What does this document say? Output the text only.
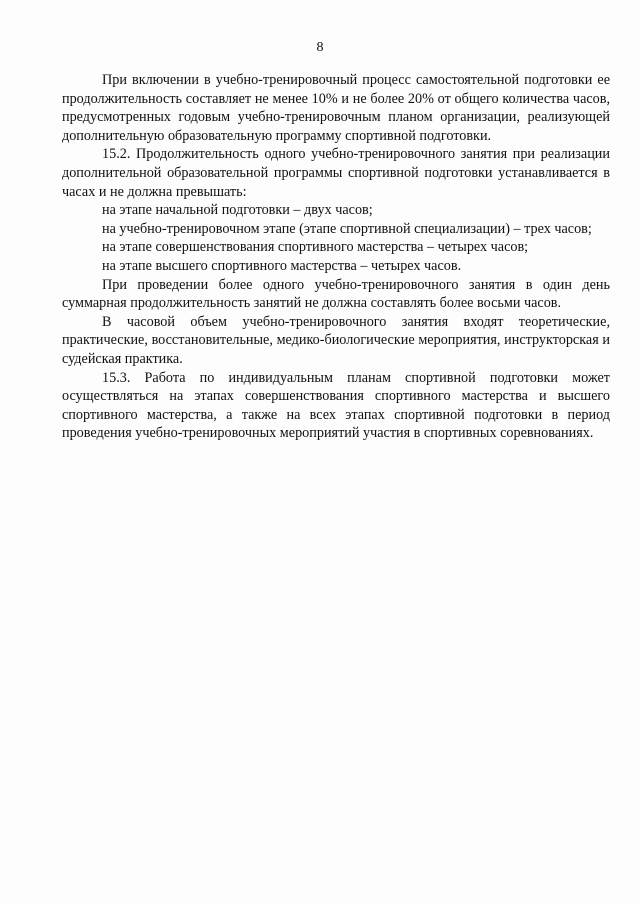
8

При включении в учебно-тренировочный процесс самостоятельной подготовки ее продолжительность составляет не менее 10% и не более 20% от общего количества часов, предусмотренных годовым учебно-тренировочным планом организации, реализующей дополнительную образовательную программу спортивной подготовки.

15.2. Продолжительность одного учебно-тренировочного занятия при реализации дополнительной образовательной программы спортивной подготовки устанавливается в часах и не должна превышать:

на этапе начальной подготовки – двух часов;

на учебно-тренировочном этапе (этапе спортивной специализации) – трех часов;

на этапе совершенствования спортивного мастерства – четырех часов;

на этапе высшего спортивного мастерства – четырех часов.

При проведении более одного учебно-тренировочного занятия в один день суммарная продолжительность занятий не должна составлять более восьми часов.

В часовой объем учебно-тренировочного занятия входят теоретические, практические, восстановительные, медико-биологические мероприятия, инструкторская и судейская практика.

15.3. Работа по индивидуальным планам спортивной подготовки может осуществляться на этапах совершенствования спортивного мастерства и высшего спортивного мастерства, а также на всех этапах спортивной подготовки в период проведения учебно-тренировочных мероприятий участия в спортивных соревнованиях.
